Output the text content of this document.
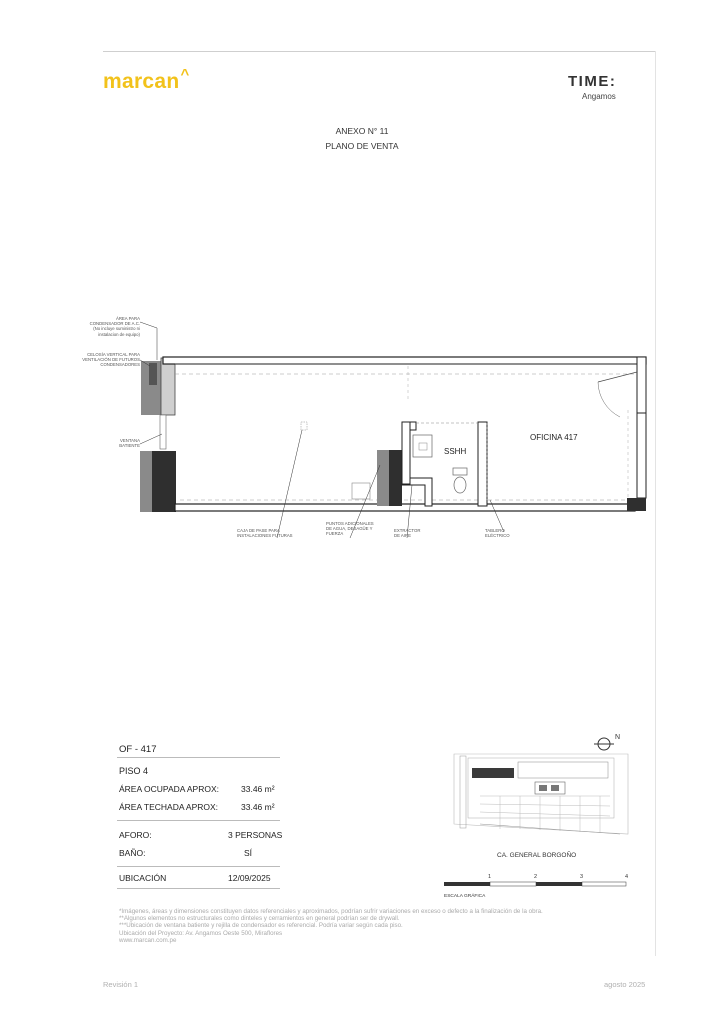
marcan^	TIME:
Angamos
ANEXO N° 11
PLANO DE VENTA
ÁREA PARA
CONDENSADOR DE A.C.
(No incluye suministro ni
instalacion de equipo)
CELOSÍA VERTICAL PARA
VENTILACIÓN DE FUTUROS
CONDENSADORES
VENTANA
BATIENTE
CAJA DE PASE PARA
INSTALACIONES FUTURAS
PUNTOS ADICIONALES
DE AGUA, DESAGÜE Y
FUERZA
EXTRACTOR
DE AIRE
TABLERO
ELÉCTRICO
OFICINA 417
SSHH
OF - 417
PISO 4
ÁREA OCUPADA APROX:	33.46 m²
ÁREA TECHADA APROX:	33.46 m²
AFORO:	3 PERSONAS
BAÑO:	SÍ
UBICACIÓN	12/09/2025
N
CA. GENERAL BORGOÑO
1	2	3	4
ESCALA GRÁFICA
*Imágenes, áreas y dimensiones constituyen datos referenciales y aproximados, podrían sufrir variaciones en exceso o defecto a la finalización de la obra.
**Algunos elementos no estructurales como dinteles y cerramientos en general podrían ser de drywall.
***Ubicación de ventana batiente y rejilla de condensador es referencial. Podría variar según cada piso.
Ubicación del Proyecto: Av. Angamos Oeste 500, Miraflores
www.marcan.com.pe
Revisión 1	agosto 2025
